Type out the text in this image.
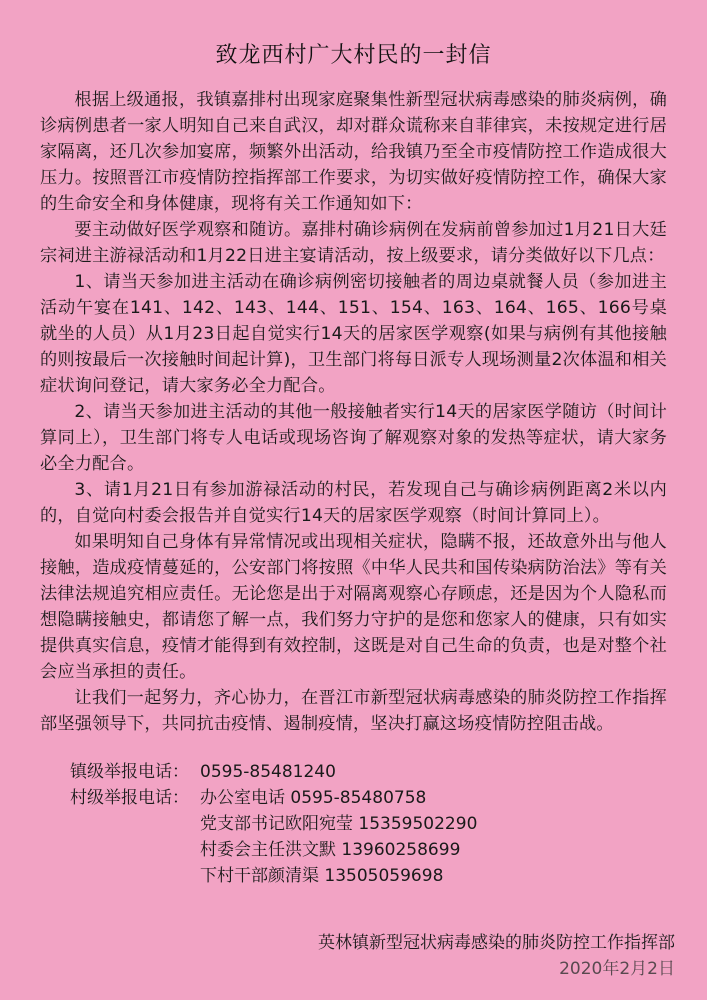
致龙西村广大村民的一封信

根据上级通报，我镇嘉排村出现家庭聚集性新型冠状病毒感染的肺炎病例，确诊病例患者一家人明知自己来自武汉，却对群众谎称来自菲律宾，未按规定进行居家隔离，还几次参加宴席，频繁外出活动，给我镇乃至全市疫情防控工作造成很大压力。按照晋江市疫情防控指挥部工作要求，为切实做好疫情防控工作，确保大家的生命安全和身体健康，现将有关工作通知如下：

要主动做好医学观察和随访。嘉排村确诊病例在发病前曾参加过1月21日大廷宗祠进主游禄活动和1月22日进主宴请活动，按上级要求，请分类做好以下几点：

1、请当天参加进主活动在确诊病例密切接触者的周边桌就餐人员（参加进主活动午宴在141、142、143、144、151、154、163、164、165、166号桌就坐的人员）从1月23日起自觉实行14天的居家医学观察(如果与病例有其他接触的则按最后一次接触时间起计算)，卫生部门将每日派专人现场测量2次体温和相关症状询问登记，请大家务必全力配合。

2、请当天参加进主活动的其他一般接触者实行14天的居家医学随访（时间计算同上），卫生部门将专人电话或现场咨询了解观察对象的发热等症状，请大家务必全力配合。

3、请1月21日有参加游禄活动的村民，若发现自己与确诊病例距离2米以内的，自觉向村委会报告并自觉实行14天的居家医学观察（时间计算同上）。

如果明知自己身体有异常情况或出现相关症状，隐瞒不报，还故意外出与他人接触，造成疫情蔓延的，公安部门将按照《中华人民共和国传染病防治法》等有关法律法规追究相应责任。无论您是出于对隔离观察心存顾虑，还是因为个人隐私而想隐瞒接触史，都请您了解一点，我们努力守护的是您和您家人的健康，只有如实提供真实信息，疫情才能得到有效控制，这既是对自己生命的负责，也是对整个社会应当承担的责任。

让我们一起努力，齐心协力，在晋江市新型冠状病毒感染的肺炎防控工作指挥部坚强领导下，共同抗击疫情、遏制疫情，坚决打赢这场疫情防控阻击战。

镇级举报电话： 0595-85481240
村级举报电话： 办公室电话 0595-85480758
党支部书记欧阳宛莹 15359502290
村委会主任洪文默 13960258699
下村干部颜清渠 13505059698
英林镇新型冠状病毒感染的肺炎防控工作指挥部
2020年2月2日
